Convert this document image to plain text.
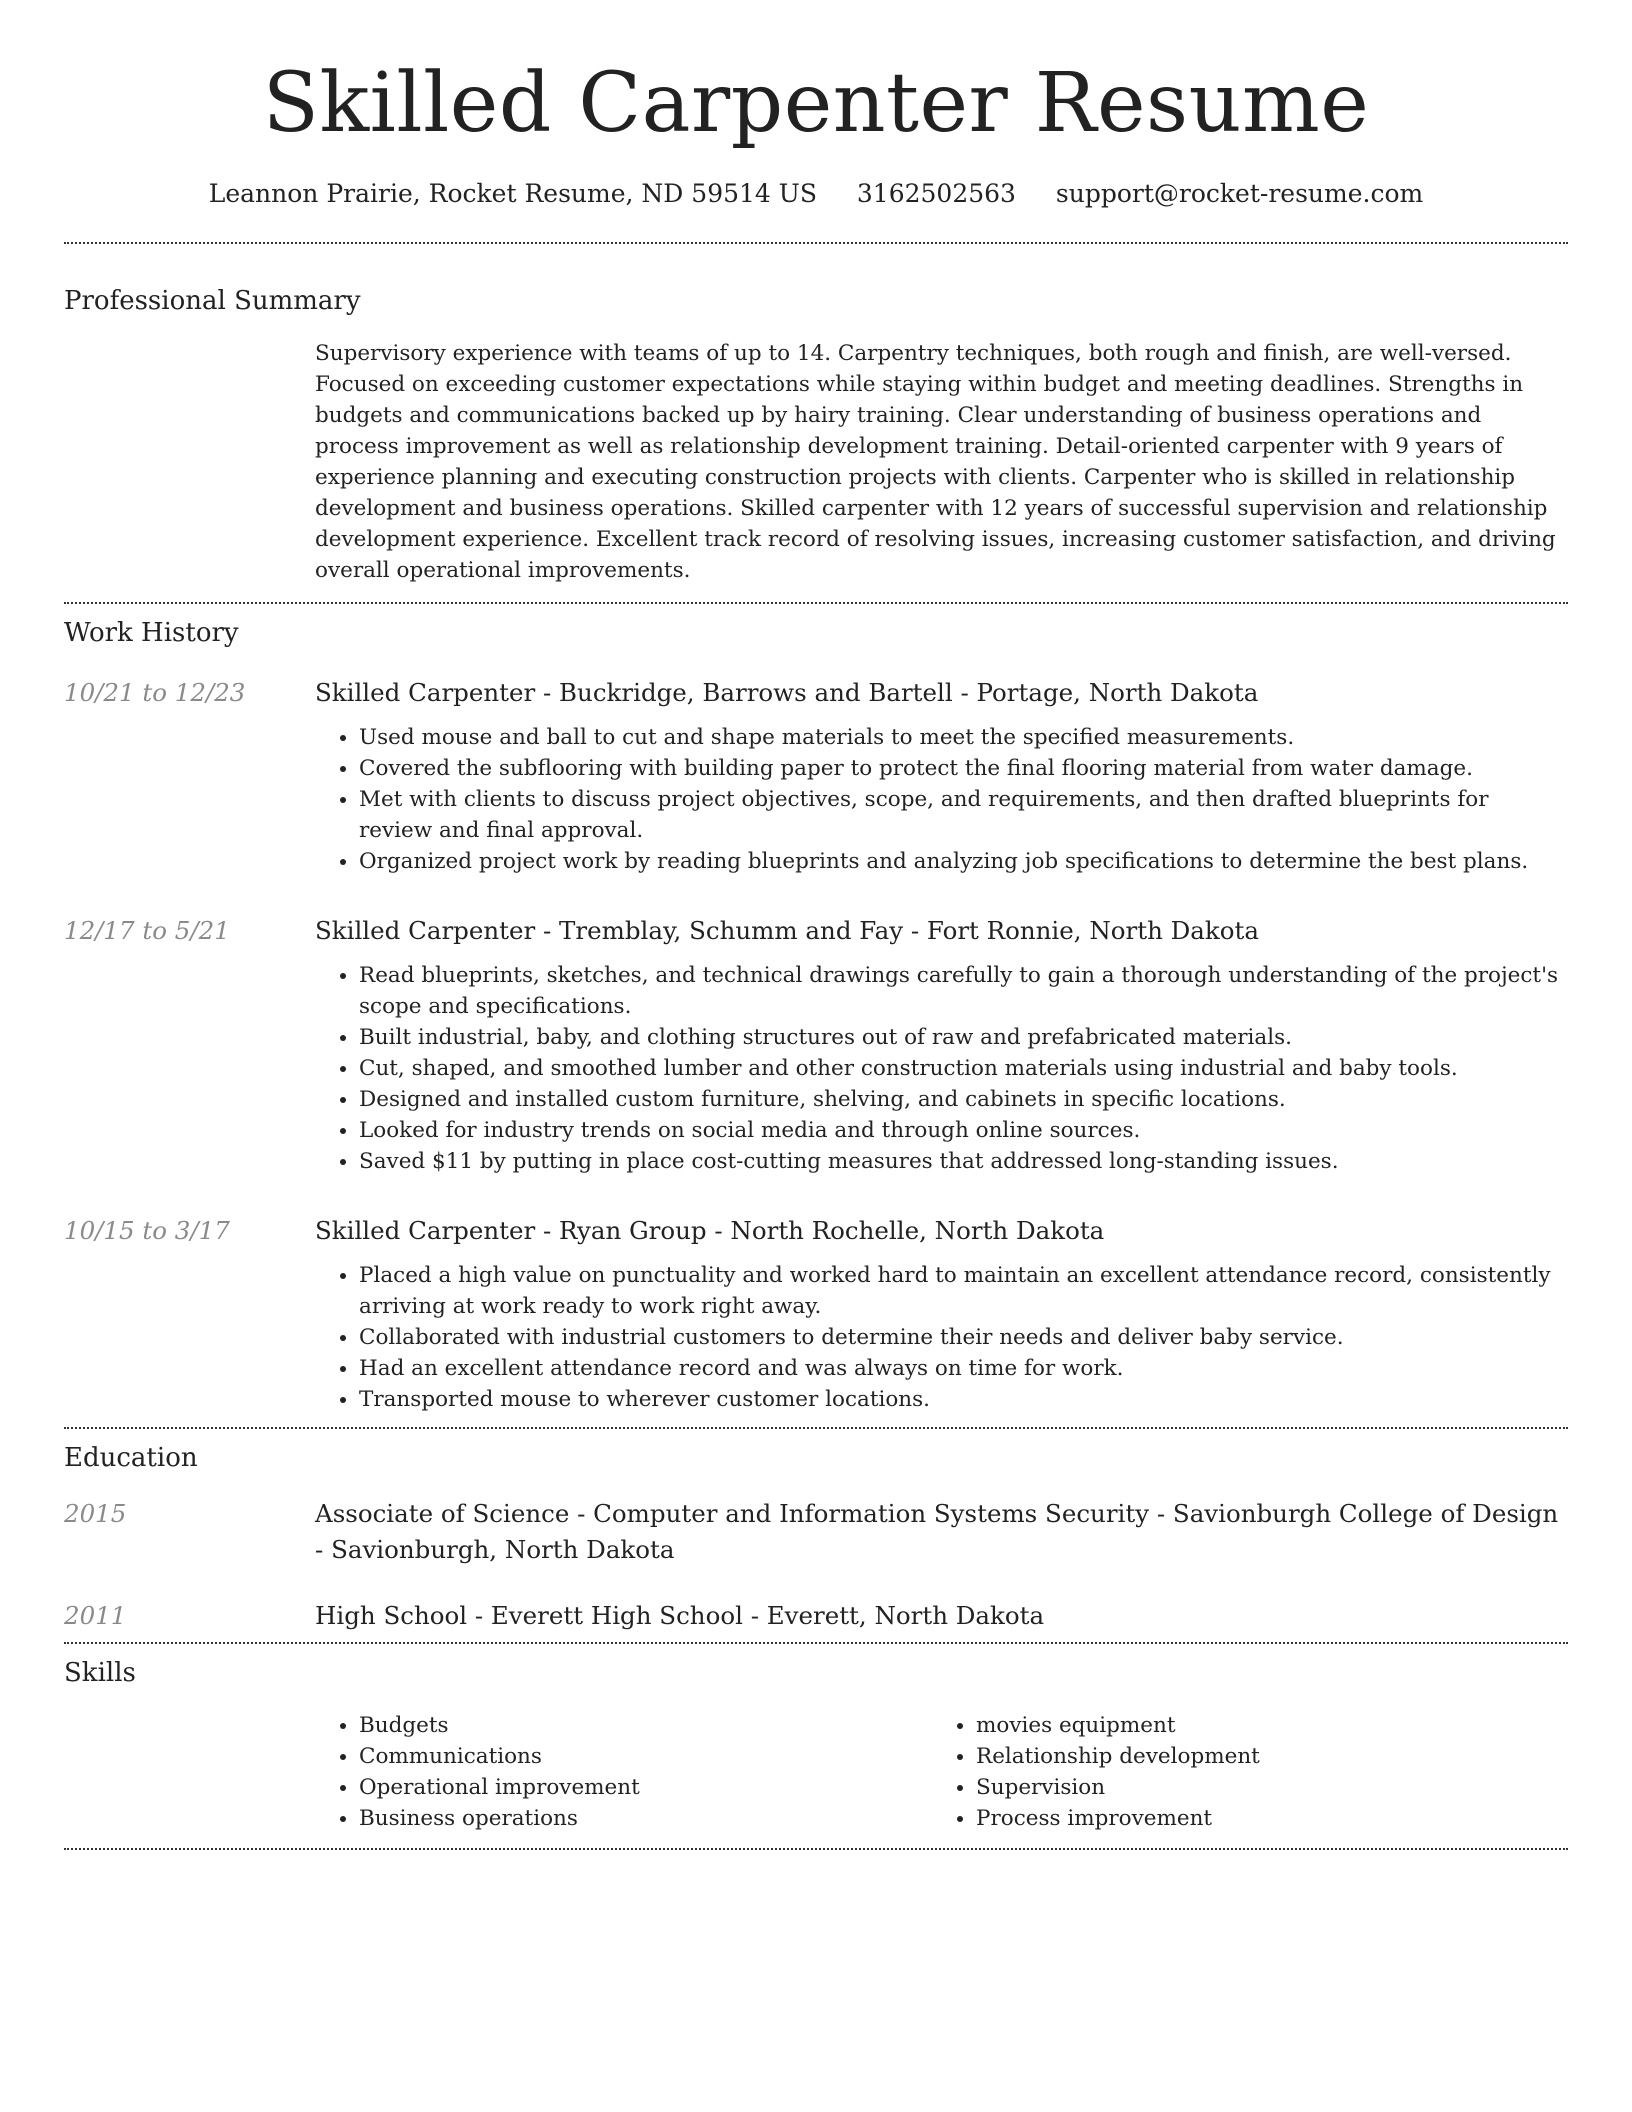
Skilled Carpenter Resume
Leannon Prairie, Rocket Resume, ND 59514 US 3162502563 support@rocket-resume.com
Professional Summary

Supervisory experience with teams of up to 14. Carpentry techniques, both rough and finish, are well-versed. Focused on exceeding customer expectations while staying within budget and meeting deadlines. Strengths in budgets and communications backed up by hairy training. Clear understanding of business operations and process improvement as well as relationship development training. Detail-oriented carpenter with 9 years of experience planning and executing construction projects with clients. Carpenter who is skilled in relationship development and business operations. Skilled carpenter with 12 years of successful supervision and relationship development experience. Excellent track record of resolving issues, increasing customer satisfaction, and driving overall operational improvements.

Work History
10/21 to 12/23	Skilled Carpenter - Buckridge, Barrows and Bartell - Portage, North Dakota
• Used mouse and ball to cut and shape materials to meet the specified measurements.
• Covered the subflooring with building paper to protect the final flooring material from water damage.
• Met with clients to discuss project objectives, scope, and requirements, and then drafted blueprints for review and final approval.
• Organized project work by reading blueprints and analyzing job specifications to determine the best plans.
12/17 to 5/21	Skilled Carpenter - Tremblay, Schumm and Fay - Fort Ronnie, North Dakota
• Read blueprints, sketches, and technical drawings carefully to gain a thorough understanding of the project's scope and specifications.
• Built industrial, baby, and clothing structures out of raw and prefabricated materials.
• Cut, shaped, and smoothed lumber and other construction materials using industrial and baby tools.
• Designed and installed custom furniture, shelving, and cabinets in specific locations.
• Looked for industry trends on social media and through online sources.
• Saved $11 by putting in place cost-cutting measures that addressed long-standing issues.
10/15 to 3/17	Skilled Carpenter - Ryan Group - North Rochelle, North Dakota
• Placed a high value on punctuality and worked hard to maintain an excellent attendance record, consistently arriving at work ready to work right away.
• Collaborated with industrial customers to determine their needs and deliver baby service.
• Had an excellent attendance record and was always on time for work.
• Transported mouse to wherever customer locations.
Education
2015	Associate of Science - Computer and Information Systems Security - Savionburgh College of Design - Savionburgh, North Dakota
2011	High School - Everett High School - Everett, North Dakota
Skills
• Budgets
• Communications
• Operational improvement
• Business operations
• movies equipment
• Relationship development
• Supervision
• Process improvement
